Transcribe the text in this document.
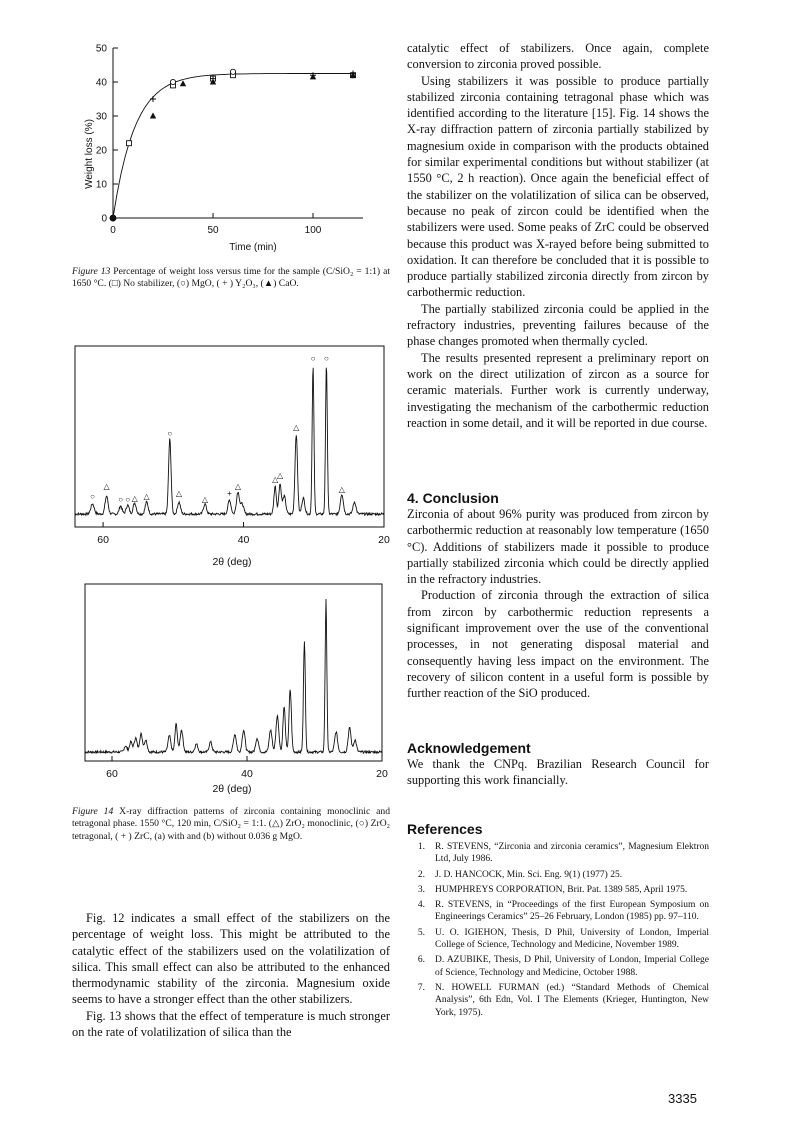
0
10
20
30
40
50
0	50	100
Time (min)
Weight loss (%)
Figure 13 Percentage of weight loss versus time for the sample (C/SiO₂ = 1:1) at 1650 °C. (□) No stabilizer, (○) MgO, ( + ) Y₂O₃, (▲) CaO.
○
△
○ ○ △ △
○
△
△
+
△
△
△
△
○ ○
△
60	40	20
2θ (deg)
60	40	20
2θ (deg)
Figure 14 X-ray diffraction patterns of zirconia containing monoclinic and tetragonal phase. 1550 °C, 120 min, C/SiO₂ = 1:1. (△) ZrO₂ monoclinic, (○) ZrO₂ tetragonal, ( + ) ZrC, (a) with and (b) without 0.036 g MgO.

Fig. 12 indicates a small effect of the stabilizers on the percentage of weight loss. This might be attributed to the catalytic effect of the stabilizers used on the volatilization of silica. This small effect can also be attributed to the enhanced thermodynamic stability of the zirconia. Magnesium oxide seems to have a stronger effect than the other stabilizers.

Fig. 13 shows that the effect of temperature is much stronger on the rate of volatilization of silica than the

catalytic effect of stabilizers. Once again, complete conversion to zirconia proved possible.

Using stabilizers it was possible to produce partially stabilized zirconia containing tetragonal phase which was identified according to the literature [15]. Fig. 14 shows the X-ray diffraction pattern of zirconia partially stabilized by magnesium oxide in comparison with the products obtained for similar experimental conditions but without stabilizer (at 1550 °C, 2 h reaction). Once again the beneficial effect of the stabilizer on the volatilization of silica can be observed, because no peak of zircon could be identified when the stabilizers were used. Some peaks of ZrC could be observed because this product was X-rayed before being submitted to oxidation. It can therefore be concluded that it is possible to produce partially stabilized zirconia directly from zircon by carbothermic reduction.

The partially stabilized zirconia could be applied in the refractory industries, preventing failures because of the phase changes promoted when thermally cycled.

The results presented represent a preliminary report on work on the direct utilization of zircon as a source for ceramic materials. Further work is currently underway, investigating the mechanism of the carbothermic reduction reaction in some detail, and it will be reported in due course.

4. Conclusion

Zirconia of about 96% purity was produced from zircon by carbothermic reduction at reasonably low temperature (1650 °C). Additions of stabilizers made it possible to produce partially stabilized zirconia which could be directly applied in the refractory industries.

Production of zirconia through the extraction of silica from zircon by carbothermic reduction represents a significant improvement over the use of the conventional processes, in not generating disposal material and consequently having less impact on the environment. The recovery of silicon content in a useful form is possible by further reaction of the SiO produced.

Acknowledgement

We thank the CNPq. Brazilian Research Council for supporting this work financially.

References
1. R. STEVENS, “Zirconia and zirconia ceramics”, Magnesium Elektron Ltd, July 1986.
2. J. D. HANCOCK, Min. Sci. Eng. 9(1) (1977) 25.
3. HUMPHREYS CORPORATION, Brit. Pat. 1389 585, April 1975.
4. R. STEVENS, in “Proceedings of the first European Symposium on Engineerings Ceramics” 25–26 February, London (1985) pp. 97–110.
5. U. O. IGIEHON, Thesis, D Phil, University of London, Imperial College of Science, Technology and Medicine, November 1989.
6. D. AZUBIKE, Thesis, D Phil, University of London, Imperial College of Science, Technology and Medicine, October 1988.
7. N. HOWELL FURMAN (ed.) “Standard Methods of Chemical Analysis”, 6th Edn, Vol. I The Elements (Krieger, Huntington, New York, 1975).
3335
